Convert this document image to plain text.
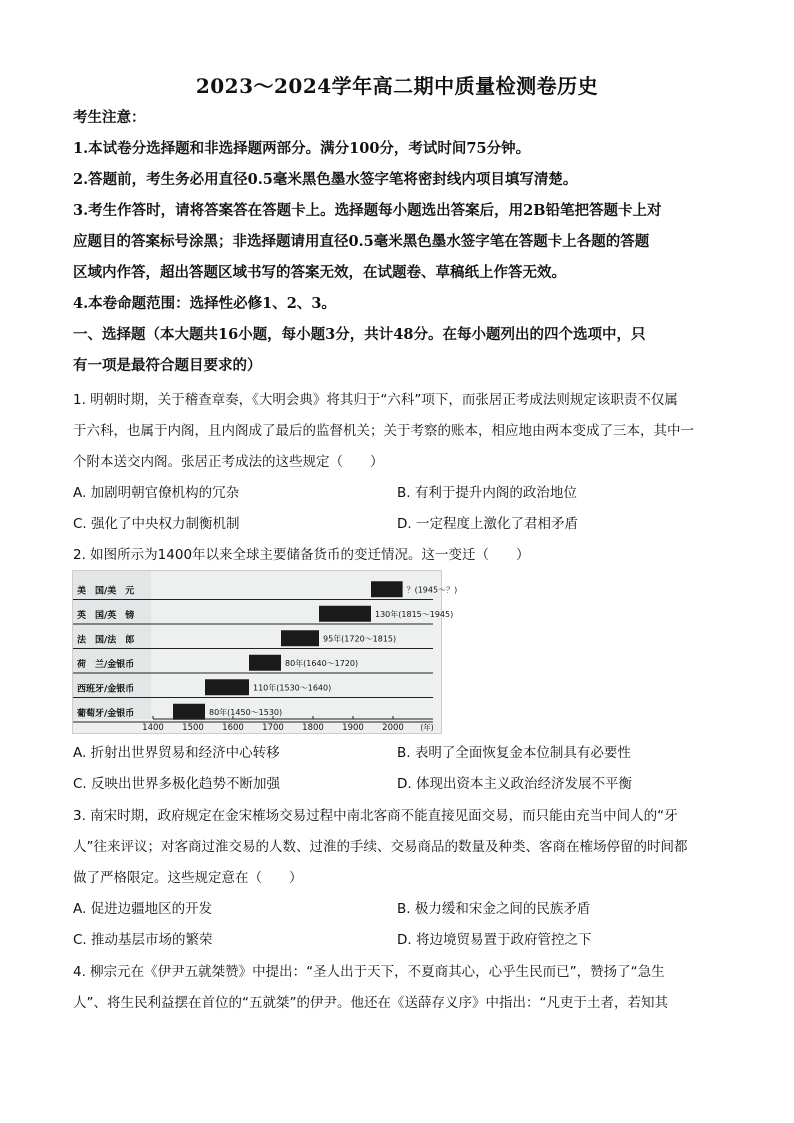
2023～2024学年高二期中质量检测卷历史
考生注意：
1.本试卷分选择题和非选择题两部分。满分100分，考试时间75分钟。
2.答题前，考生务必用直径0.5毫米黑色墨水签字笔将密封线内项目填写清楚。
3.考生作答时，请将答案答在答题卡上。选择题每小题选出答案后，用2B铅笔把答题卡上对
应题目的答案标号涂黑；非选择题请用直径0.5毫米黑色墨水签字笔在答题卡上各题的答题
区域内作答，超出答题区域书写的答案无效，在试题卷、草稿纸上作答无效。
4.本卷命题范围：选择性必修1、2、3。
一、选择题（本大题共16小题，每小题3分，共计48分。在每小题列出的四个选项中，只
有一项是最符合题目要求的）
1. 明朝时期，关于稽查章奏，《大明会典》将其归于“六科”项下，而张居正考成法则规定该职责不仅属
于六科，也属于内阁，且内阁成了最后的监督机关；关于考察的账本，相应地由两本变成了三本，其中一
个附本送交内阁。张居正考成法的这些规定（　　）
A. 加剧明朝官僚机构的冗杂	B. 有利于提升内阁的政治地位
C. 强化了中央权力制衡机制	D. 一定程度上激化了君相矛盾
2. 如图所示为1400年以来全球主要储备货币的变迁情况。这一变迁（　　）
美　国/美　元	？(1945～？)
英　国/英　镑	130年(1815～1945)
法　国/法　郎	95年(1720～1815)
荷　兰/金银币	80年(1640～1720)
西班牙/金银币	110年(1530～1640)
葡萄牙/金银币	80年(1450～1530)
1400 1500 1600 1700 1800 1900 2000 (年)
A. 折射出世界贸易和经济中心转移	B. 表明了全面恢复金本位制具有必要性
C. 反映出世界多极化趋势不断加强	D. 体现出资本主义政治经济发展不平衡
3. 南宋时期，政府规定在金宋榷场交易过程中南北客商不能直接见面交易，而只能由充当中间人的“牙
人”往来评议；对客商过淮交易的人数、过淮的手续、交易商品的数量及种类、客商在榷场停留的时间都
做了严格限定。这些规定意在（　　）
A. 促进边疆地区的开发	B. 极力缓和宋金之间的民族矛盾
C. 推动基层市场的繁荣	D. 将边境贸易置于政府管控之下
4. 柳宗元在《伊尹五就桀赞》中提出：“圣人出于天下，不夏商其心，心乎生民而已”，赞扬了“急生
人”、将生民利益摆在首位的“五就桀”的伊尹。他还在《送薛存义序》中指出：“凡吏于土者，若知其
